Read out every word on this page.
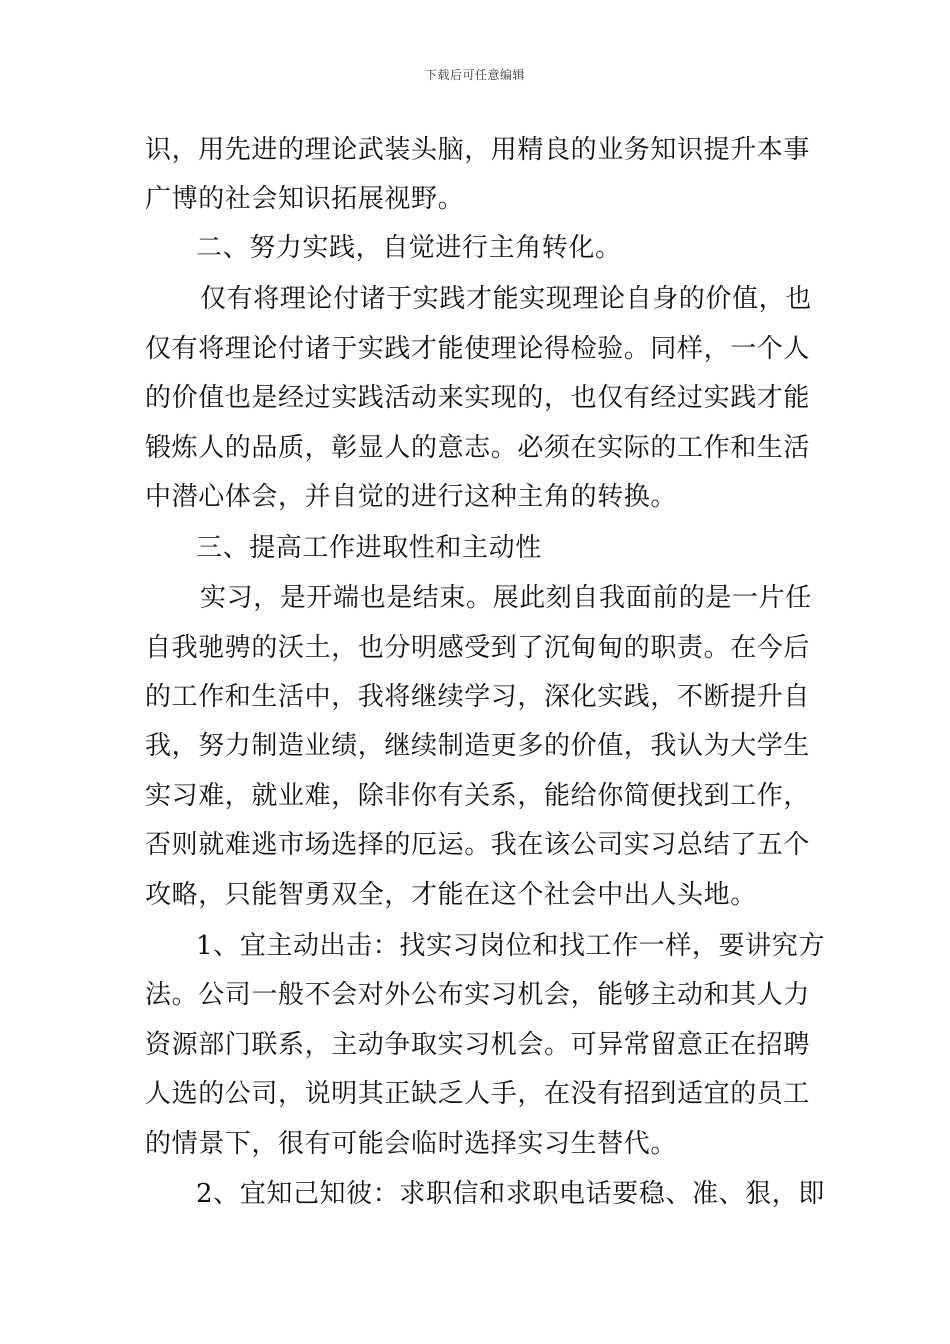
下载后可任意编辑
识，用先进的理论武装头脑，用精良的业务知识提升本事
广博的社会知识拓展视野。
二、努力实践，自觉进行主角转化。
仅有将理论付诸于实践才能实现理论自身的价值，也
仅有将理论付诸于实践才能使理论得检验。同样，一个人
的价值也是经过实践活动来实现的，也仅有经过实践才能
锻炼人的品质，彰显人的意志。必须在实际的工作和生活
中潜心体会，并自觉的进行这种主角的转换。
三、提高工作进取性和主动性
实习，是开端也是结束。展此刻自我面前的是一片任
自我驰骋的沃土，也分明感受到了沉甸甸的职责。在今后
的工作和生活中，我将继续学习，深化实践，不断提升自
我，努力制造业绩，继续制造更多的价值，我认为大学生
实习难，就业难，除非你有关系，能给你简便找到工作，
否则就难逃市场选择的厄运。我在该公司实习总结了五个
攻略，只能智勇双全，才能在这个社会中出人头地。
1、宜主动出击：找实习岗位和找工作一样，要讲究方
法。公司一般不会对外公布实习机会，能够主动和其人力
资源部门联系，主动争取实习机会。可异常留意正在招聘
人选的公司，说明其正缺乏人手，在没有招到适宜的员工
的情景下，很有可能会临时选择实习生替代。
2、宜知己知彼：求职信和求职电话要稳、准、狠，即
